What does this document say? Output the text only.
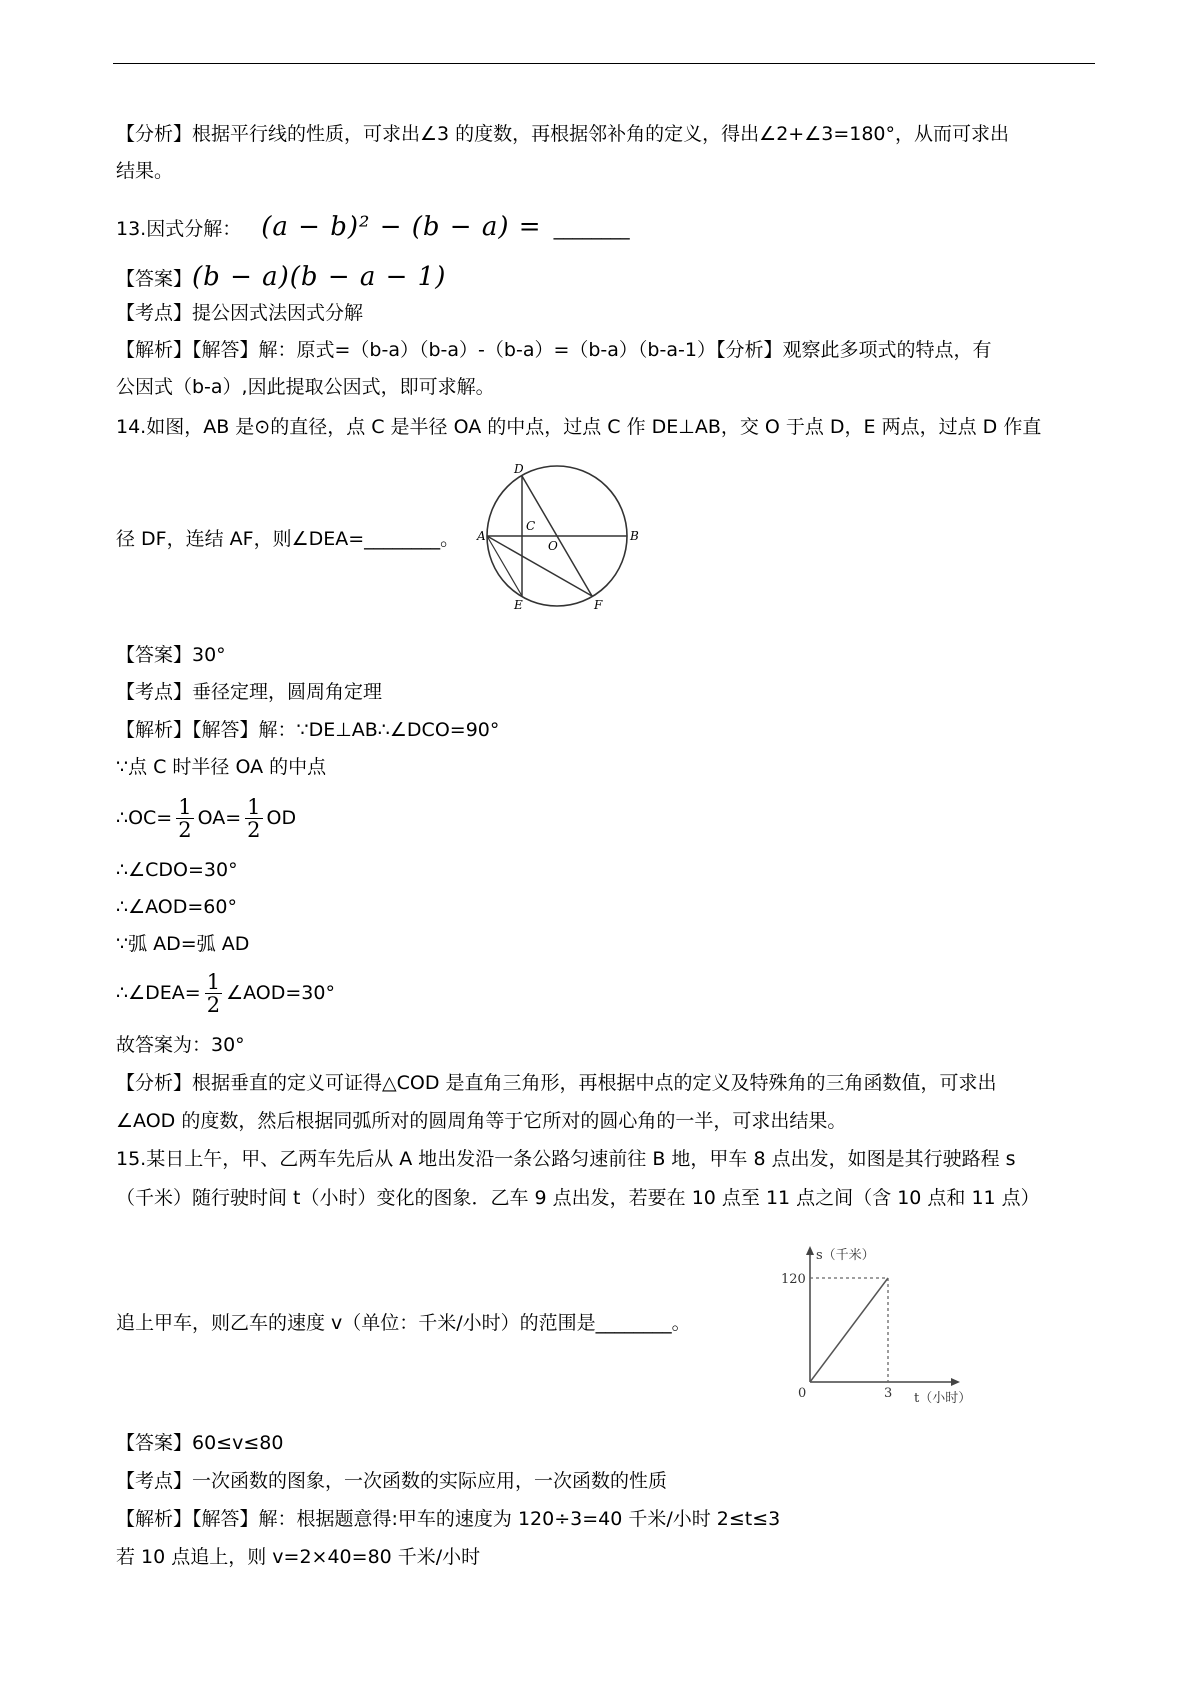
【分析】根据平行线的性质，可求出∠3 的度数，再根据邻补角的定义，得出∠2+∠3=180°，从而可求出
结果。
13.因式分解： (a − b)² − (b − a) = ________
【答案】(b − a)(b − a − 1)
【考点】提公因式法因式分解
【解析】【解答】解：原式=（b-a）（b-a）-（b-a）=（b-a）（b-a-1）【分析】观察此多项式的特点，有
公因式（b-a）,因此提取公因式，即可求解。
14.如图，AB 是⊙的直径，点 C 是半径 OA 的中点，过点 C 作 DE⊥AB，交 O 于点 D，E 两点，过点 D 作直
径 DF，连结 AF，则∠DEA=________。
D
A
C
O
B
E	F
【答案】30°
【考点】垂径定理，圆周角定理
【解析】【解答】解：∵DE⊥AB∴∠DCO=90°
∵点 C 时半径 OA 的中点
∴OC= $\frac{1}{2} OA= \frac{1}{2}$ OD
∴∠CDO=30°
∴∠AOD=60°
∵弧 AD=弧 AD
∴∠DEA= $\frac{1}{2}$ ∠AOD=30°
故答案为：30°
【分析】根据垂直的定义可证得△COD 是直角三角形，再根据中点的定义及特殊角的三角函数值，可求出
∠AOD 的度数，然后根据同弧所对的圆周角等于它所对的圆心角的一半，可求出结果。
15.某日上午，甲、乙两车先后从 A 地出发沿一条公路匀速前往 B 地，甲车 8 点出发，如图是其行驶路程 s
（千米）随行驶时间 t（小时）变化的图象．乙车 9 点出发，若要在 10 点至 11 点之间（含 10 点和 11 点）
追上甲车，则乙车的速度 v（单位：千米/小时）的范围是________。
s（千米）
120
0	3 t（小时）
【答案】60≤v≤80
【考点】一次函数的图象，一次函数的实际应用，一次函数的性质
【解析】【解答】解：根据题意得:甲车的速度为 120÷3=40 千米/小时 2≤t≤3
若 10 点追上，则 v=2×40=80 千米/小时
